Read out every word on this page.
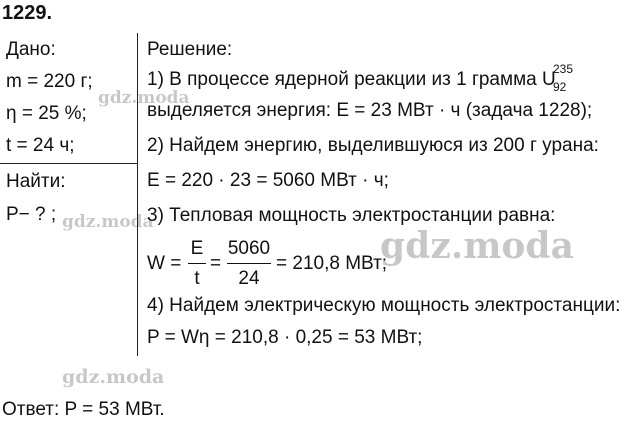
1229.
Дано:
m = 220 г;
η = 25 %;
t = 24 ч;
Найти:
P− ? ;
Решение:
1) В процессе ядерной реакции из 1 грамма U
235
92
выделяется энергия: E = 23 МВт · ч (задача 1228);
2) Найдем энергию, выделившуюся из 200 г урана:
E = 220 · 23 = 5060 МВт · ч;
3) Тепловая мощность электростанции равна:
W =
E
t
=
5060
24
= 210,8 МВт;
4) Найдем электрическую мощность электростанции:
P = Wη = 210,8 · 0,25 = 53 МВт;
Ответ: P = 53 МВт.
gdz.moda
gdz.moda
gdz.moda
gdz.moda
